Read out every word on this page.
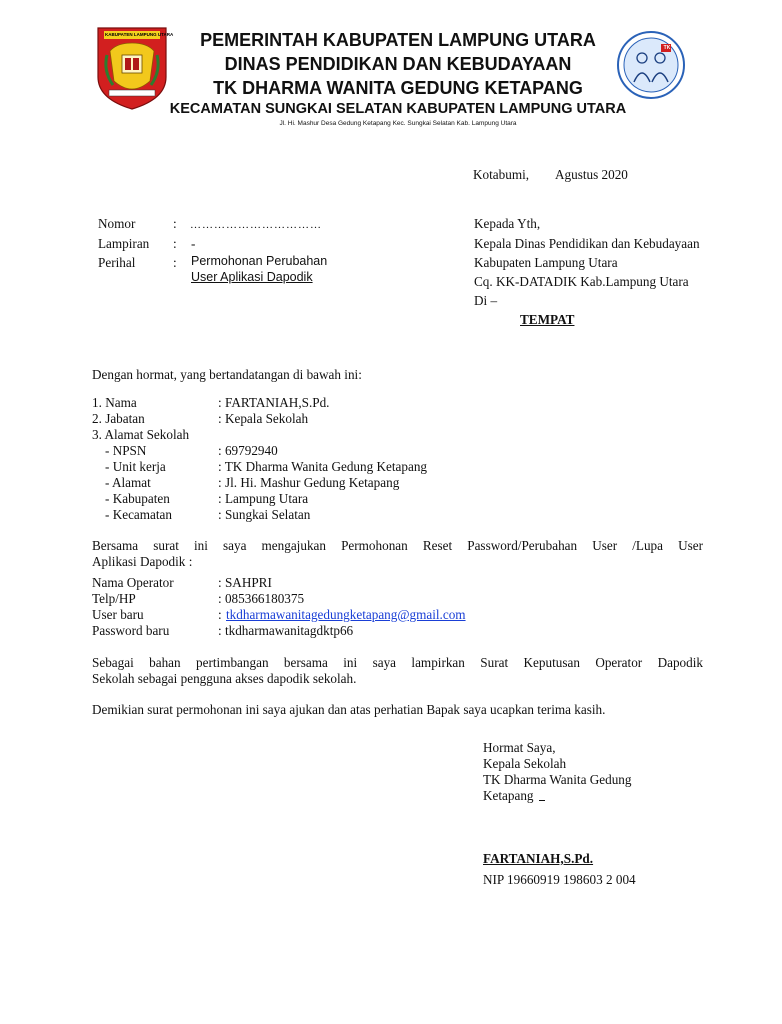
KABUPATEN LAMPUNG UTARA
TK
PEMERINTAH KABUPATEN LAMPUNG UTARA
DINAS PENDIDIKAN DAN KEBUDAYAAN
TK DHARMA WANITA GEDUNG KETAPANG
KECAMATAN SUNGKAI SELATAN KABUPATEN LAMPUNG UTARA
Jl. Hi. Mashur Desa Gedung Ketapang Kec. Sungkai Selatan Kab. Lampung Utara
Kotabumi, Agustus 2020
Nomor	: ……………………………
Lampiran : -
Perihal	: Permohonan Perubahan
User Aplikasi Dapodik
Kepada Yth,
Kepala Dinas Pendidikan dan Kebudayaan
Kabupaten Lampung Utara
Cq. KK-DATADIK Kab.Lampung Utara
Di –
TEMPAT
Dengan hormat, yang bertandatangan di bawah ini:
1. Nama	: FARTANIAH,S.Pd.
2. Jabatan	: Kepala Sekolah
3. Alamat Sekolah
- NPSN	: 69792940
- Unit kerja	: TK Dharma Wanita Gedung Ketapang
- Alamat	: Jl. Hi. Mashur Gedung Ketapang
- Kabupaten	: Lampung Utara
- Kecamatan	: Sungkai Selatan
Bersama surat ini saya mengajukan Permohonan Reset Password/Perubahan User /Lupa User
Aplikasi Dapodik :
Nama Operator	: SAHPRI
Telp/HP	: 085366180375
User baru	: tkdharmawanitagedungketapang@gmail.com
Password baru	: tkdharmawanitagdktp66
Sebagai bahan pertimbangan bersama ini saya lampirkan Surat Keputusan Operator Dapodik
Sekolah sebagai pengguna akses dapodik sekolah.
Demikian surat permohonan ini saya ajukan dan atas perhatian Bapak saya ucapkan terima kasih.
Hormat Saya,
Kepala Sekolah
TK Dharma Wanita Gedung
Ketapang
FARTANIAH,S.Pd.
NIP 19660919 198603 2 004
